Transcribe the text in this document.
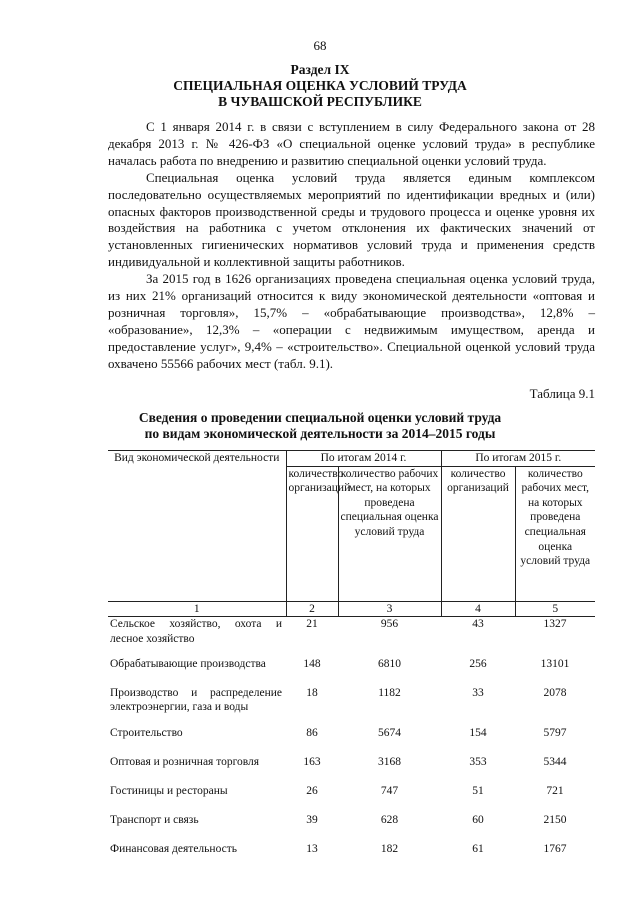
68
Раздел IX
СПЕЦИАЛЬНАЯ ОЦЕНКА УСЛОВИЙ ТРУДА
В ЧУВАШСКОЙ РЕСПУБЛИКЕ

С 1 января 2014 г. в связи с вступлением в силу Федерального закона от 28 декабря 2013 г. № 426-ФЗ «О специальной оценке условий труда» в республике началась работа по внедрению и развитию специальной оценки условий труда.

Специальная оценка условий труда является единым комплексом последовательно осуществляемых мероприятий по идентификации вредных и (или) опасных факторов производственной среды и трудового процесса и оценке уровня их воздействия на работника с учетом отклонения их фактических значений от установленных гигиенических нормативов условий труда и применения средств индивидуальной и коллективной защиты работников.

За 2015 год в 1626 организациях проведена специальная оценка условий труда, из них 21% организаций относится к виду экономической деятельности «оптовая и розничная торговля», 15,7% – «обрабатывающие производства», 12,8% – «образование», 12,3% – «операции с недвижимым имуществом, аренда и предоставление услуг», 9,4% – «строительство». Специальной оценкой условий труда охвачено 55566 рабочих мест (табл. 9.1).

Таблица 9.1
Сведения о проведении специальной оценки условий труда
по видам экономической деятельности за 2014–2015 годы
Вид экономической деятельности	По итогам 2014 г.		По итогам 2015 г.	
	количество организаций	количество рабочих мест, на которых проведена специальная оценка условий труда	количество организаций	количество рабочих мест, на которых проведена специальная оценка условий труда
1	2	3	4	5
Сельское хозяйство, охота и лесное хозяйство	21	956	43	1327
Обрабатывающие производства	148	6810	256	13101
Производство и распределение электроэнергии, газа и воды	18	1182	33	2078
Строительство	86	5674	154	5797
Оптовая и розничная торговля	163	3168	353	5344
Гостиницы и рестораны	26	747	51	721
Транспорт и связь	39	628	60	2150
Финансовая деятельность	13	182	61	1767
